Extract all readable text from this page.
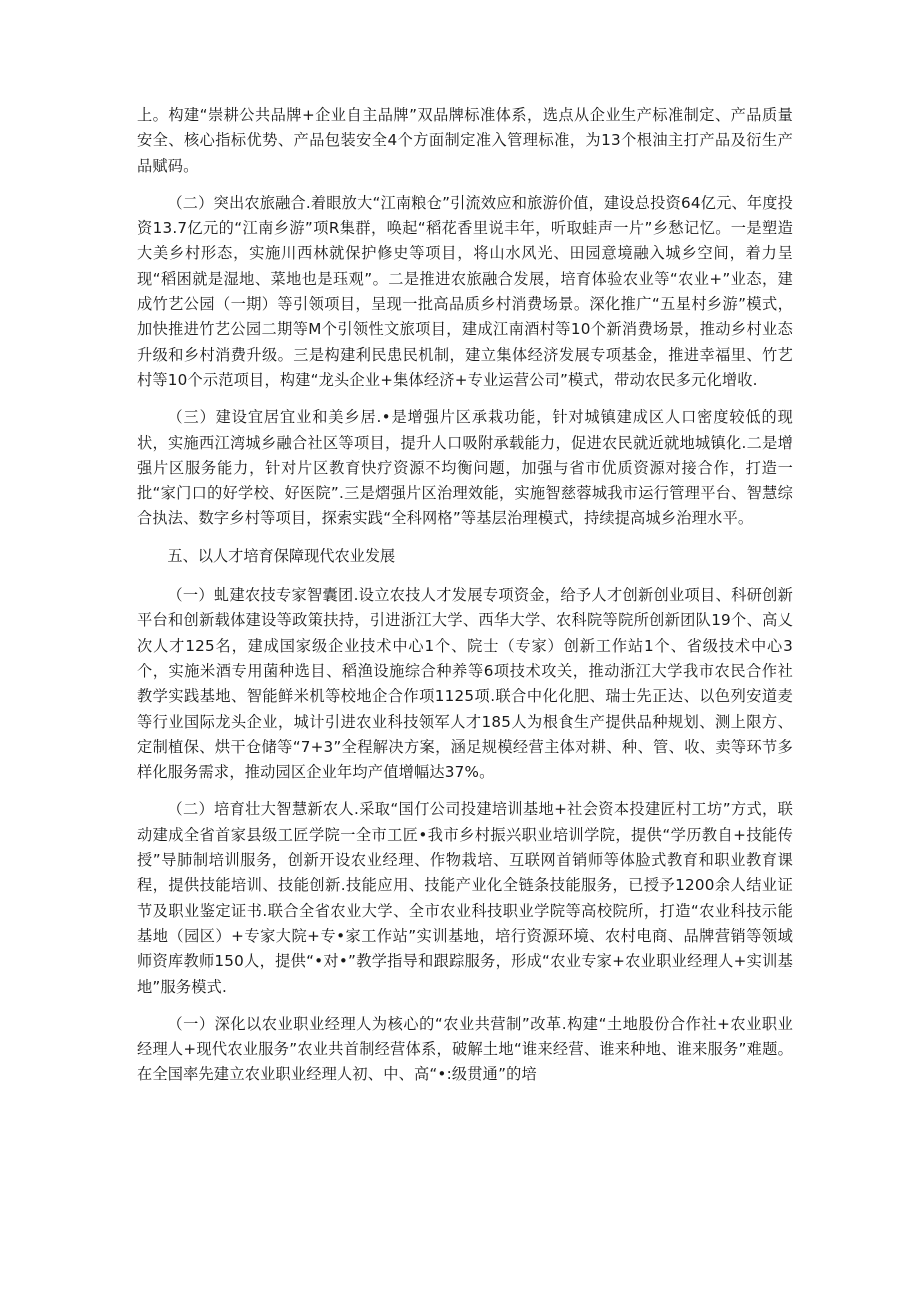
上。构建“崇耕公共品牌+企业自主品牌”双品牌标准体系，选点从企业生产标准制定、产品质量安全、核心指标优势、产品包装安全4个方面制定准入管理标准，为13个根油主打产品及衍生产品赋码。

（二）突出农旅融合.着眼放大“江南粮仓”引流效应和旅游价值，建设总投资64亿元、年度投资13.7亿元的“江南乡游”项R集群，唤起“稻花香里说丰年，听取蛙声一片”乡愁记忆。一是塑造大美乡村形态，实施川西林就保护修史等项目，将山水风光、田园意境融入城乡空间，着力呈现“稻困就是湿地、菜地也是珏观”。二是推进农旅融合发展，培育体验农业等“农业+”业态，建成竹艺公园（一期）等引领项目，呈现一批高品质乡村消费场景。深化推广“五星村乡游”模式，加快推进竹艺公园二期等M个引领性文旅项目，建成江南酒村等10个新消费场景，推动乡村业态升级和乡村消费升级。三是构建利民患民机制，建立集体经济发展专项基金，推进幸福里、竹艺村等10个示范项目，构建“龙头企业+集体经济+专业运营公司”模式，带动农民多元化增收.

（三）建设宜居宜业和美乡居.•是增强片区承栽功能，针对城镇建成区人口密度较低的现状，实施西江湾城乡融合社区等项目，提升人口吸附承载能力，促进农民就近就地城镇化.二是增强片区服务能力，针对片区教育快疗资源不均衡问题，加强与省市优质资源对接合作，打造一批“家门口的好学校、好医院”.三是熠强片区治理效能，实施智慈蓉城我市运行管理平台、智慧综合执法、数字乡村等项目，探索实践“全科网格”等基层治理模式，持续提高城乡治理水平。

五、以人才培育保障现代农业发展

（一）虬建农技专家智囊团.设立农技人才发展专项资金，给予人才创新创业项目、科研创新平台和创新载体建设等政策扶持，引进浙江大学、西华大学、农科院等院所创新团队19个、高乂次人才125名，建成国家级企业技术中心1个、院士（专家）创新工作站1个、省级技术中心3个，实施米酒专用菌种选目、稻渔设施综合种养等6项技术攻关，推动浙江大学我市农民合作社教学实践基地、智能鲜米机等校地企合作项1125项.联合中化化肥、瑞士先正达、以色列安道麦等行业国际龙头企业，城计引进农业科技领军人才185人为根食生产提供品种规划、测上限方、定制植保、烘干仓储等“7+3”全程解决方案，涵足规模经营主体对耕、种、管、收、卖等环节多样化服务需求，推动园区企业年均产值增幅达37%。

（二）培育壮大智慧新农人.采取“国仃公司投建培训基地+社会资本投建匠村工坊”方式，联动建成全省首家县级工匠学院一全市工匠•我市乡村振兴职业培训学院，提供“学历教自+技能传授”导肺制培训服务，创新开设农业经理、作物栽培、互联网首销师等体脸式教育和职业教育课程，提供技能培训、技能创新.技能应用、技能产业化全链条技能服务，已授予1200余人结业证节及职业鉴定证书.联合全省农业大学、全市农业科技职业学院等高校院所，打造“农业科技示能基地（园区）+专家大院+专•家工作站”实训基地，培行资源环境、农村电商、品牌营销等领域师资库教师150人，提供“•对•”教学指导和跟踪服务，形成“农业专家+农业职业经理人+实训基地”服务模式.

（一）深化以农业职业经理人为核心的“农业共营制”改革.构建“土地股份合作社+农业职业经理人+现代农业服务”农业共首制经营体系，破解土地“谁来经营、谁来种地、谁来服务”难题。在全国率先建立农业职业经理人初、中、高“•:级贯通”的培
